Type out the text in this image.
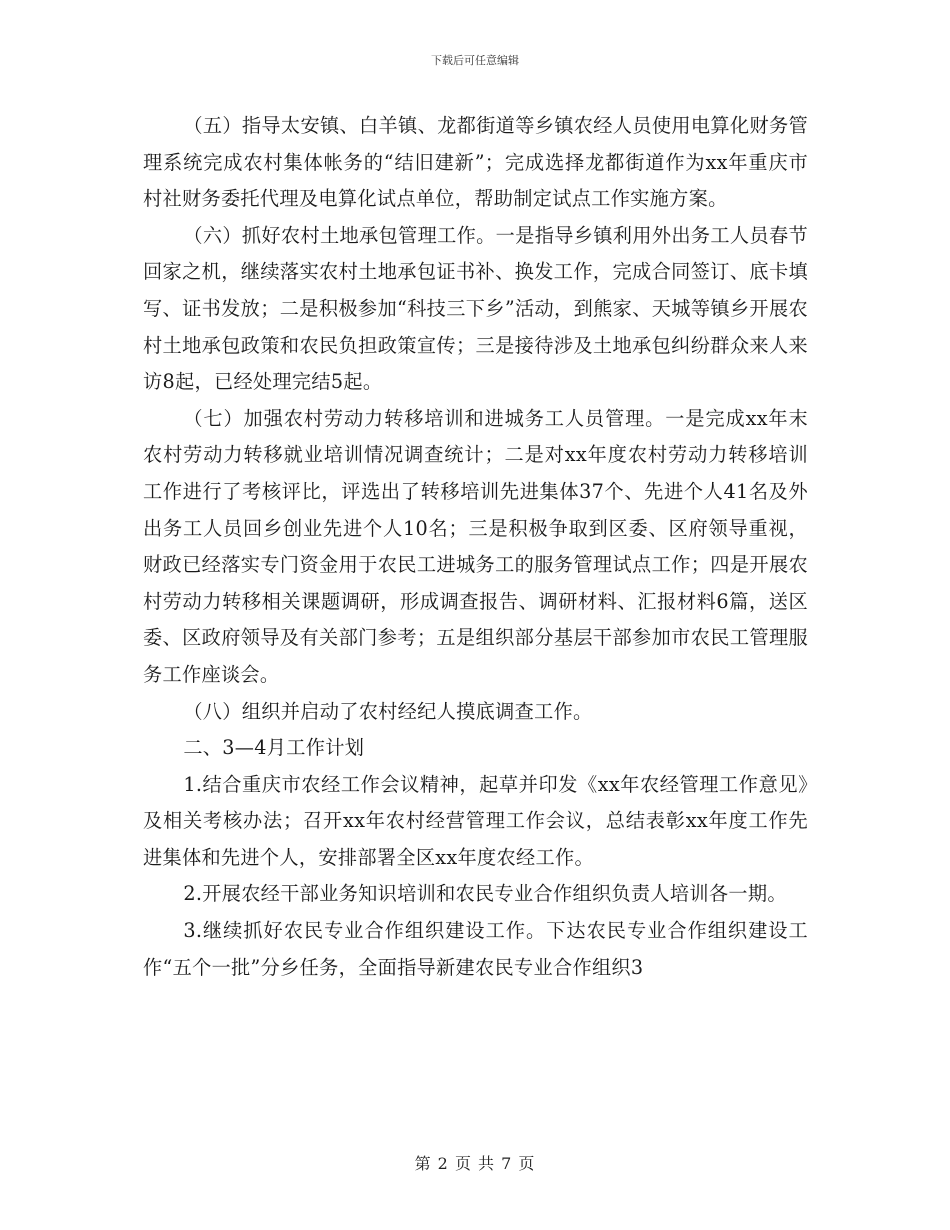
下载后可任意编辑

（五）指导太安镇、白羊镇、龙都街道等乡镇农经人员使用电算化财务管理系统完成农村集体帐务的“结旧建新”；完成选择龙都街道作为xx年重庆市村社财务委托代理及电算化试点单位，帮助制定试点工作实施方案。

（六）抓好农村土地承包管理工作。一是指导乡镇利用外出务工人员春节回家之机，继续落实农村土地承包证书补、换发工作，完成合同签订、底卡填写、证书发放；二是积极参加“科技三下乡”活动，到熊家、天城等镇乡开展农村土地承包政策和农民负担政策宣传；三是接待涉及土地承包纠纷群众来人来访8起，已经处理完结5起。

（七）加强农村劳动力转移培训和进城务工人员管理。一是完成xx年末农村劳动力转移就业培训情况调查统计；二是对xx年度农村劳动力转移培训工作进行了考核评比，评选出了转移培训先进集体37个、先进个人41名及外出务工人员回乡创业先进个人10名；三是积极争取到区委、区府领导重视，财政已经落实专门资金用于农民工进城务工的服务管理试点工作；四是开展农村劳动力转移相关课题调研，形成调查报告、调研材料、汇报材料6篇，送区委、区政府领导及有关部门参考；五是组织部分基层干部参加市农民工管理服务工作座谈会。

（八）组织并启动了农村经纪人摸底调查工作。

二、3—4月工作计划

1.结合重庆市农经工作会议精神，起草并印发《xx年农经管理工作意见》及相关考核办法；召开xx年农村经营管理工作会议，总结表彰xx年度工作先进集体和先进个人，安排部署全区xx年度农经工作。

2.开展农经干部业务知识培训和农民专业合作组织负责人培训各一期。

3.继续抓好农民专业合作组织建设工作。下达农民专业合作组织建设工作“五个一批”分乡任务，全面指导新建农民专业合作组织3

第 2 页 共 7 页
